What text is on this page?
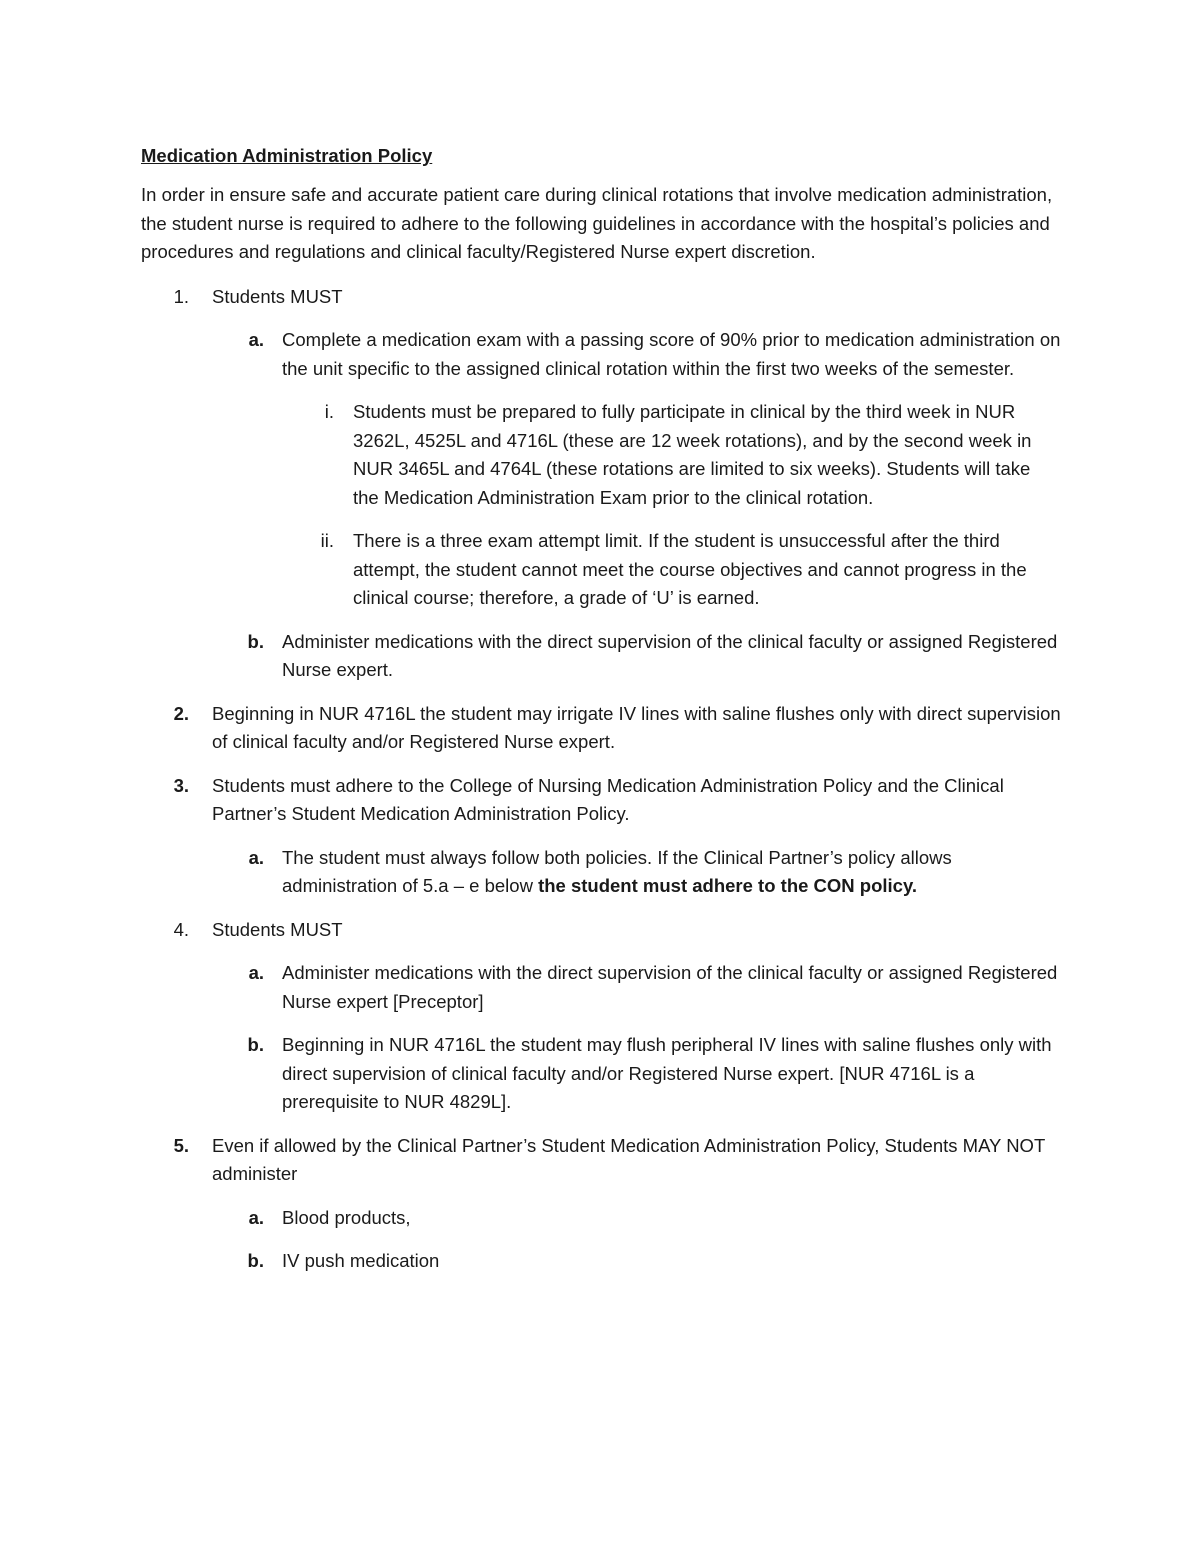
Medication Administration Policy
In order in ensure safe and accurate patient care during clinical rotations that involve medication administration, the student nurse is required to adhere to the following guidelines in accordance with the hospital’s policies and procedures and regulations and clinical faculty/Registered Nurse expert discretion.
1. Students MUST
a. Complete a medication exam with a passing score of 90% prior to medication administration on the unit specific to the assigned clinical rotation within the first two weeks of the semester.
i. Students must be prepared to fully participate in clinical by the third week in NUR 3262L, 4525L and 4716L (these are 12 week rotations), and by the second week in NUR 3465L and 4764L (these rotations are limited to six weeks). Students will take the Medication Administration Exam prior to the clinical rotation.
ii. There is a three exam attempt limit. If the student is unsuccessful after the third attempt, the student cannot meet the course objectives and cannot progress in the clinical course; therefore, a grade of ‘U’ is earned.
b. Administer medications with the direct supervision of the clinical faculty or assigned Registered Nurse expert.
2. Beginning in NUR 4716L the student may irrigate IV lines with saline flushes only with direct supervision of clinical faculty and/or Registered Nurse expert.
3. Students must adhere to the College of Nursing Medication Administration Policy and the Clinical Partner’s Student Medication Administration Policy.
a. The student must always follow both policies. If the Clinical Partner’s policy allows administration of 5.a – e below the student must adhere to the CON policy.
4. Students MUST
a. Administer medications with the direct supervision of the clinical faculty or assigned Registered Nurse expert [Preceptor]
b. Beginning in NUR 4716L the student may flush peripheral IV lines with saline flushes only with direct supervision of clinical faculty and/or Registered Nurse expert. [NUR 4716L is a prerequisite to NUR 4829L].
5. Even if allowed by the Clinical Partner’s Student Medication Administration Policy, Students MAY NOT administer
a. Blood products,
b. IV push medication
